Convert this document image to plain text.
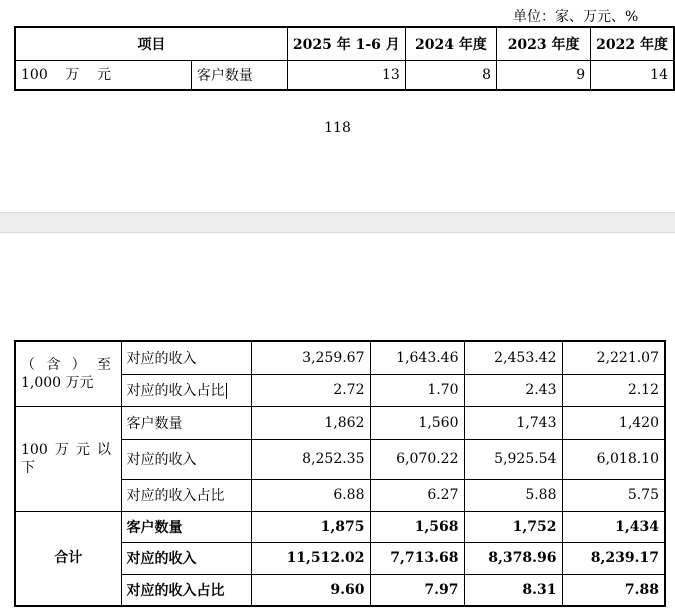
单位：家、万元、%
项目		2025 年 1-6 月	2024 年度	2023 年度	2022 年度

100 万 元	客户数量	13	8	9	14
118
（ 含 ） 至
1,000 万元	对应的收入	3,259.67	1,643.46	2,453.42	2,221.07
	对应的收入占比	2.72	1.70	2.43	2.12

100 万 元 以
下	客户数量	1,862	1,560	1,743	1,420
	对应的收入	8,252.35	6,070.22	5,925.54	6,018.10
	对应的收入占比	6.88	6.27	5.88	5.75
合计	客户数量	1,875	1,568	1,752	1,434
	对应的收入	11,512.02	7,713.68	8,378.96	8,239.17
	对应的收入占比	9.60	7.97	8.31	7.88
